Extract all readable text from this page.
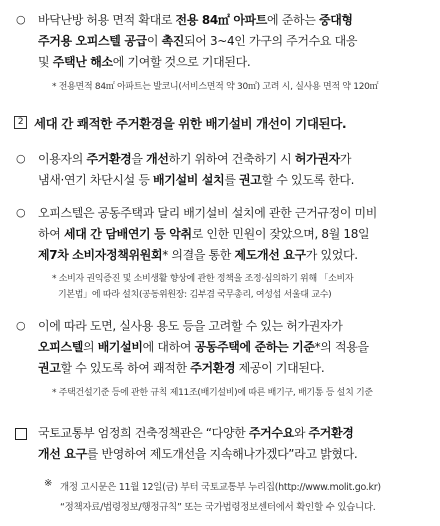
○ 바닥난방 허용 면적 확대로 전용 84㎡ 아파트에 준하는 중대형
주거용 오피스텔 공급이 촉진되어 3~4인 가구의 주거수요 대응
및 주택난 해소에 기여할 것으로 기대된다.
* 전용면적 84㎡ 아파트는 발코니(서비스면적 약 30㎡) 고려 시, 실사용 면적 약 120㎡
2 세대 간 쾌적한 주거환경을 위한 배기설비 개선이 기대된다.
○ 이용자의 주거환경을 개선하기 위하여 건축하기 시 허가권자가
냄새·연기 차단시설 등 배기설비 설치를 권고할 수 있도록 한다.
○ 오피스텔은 공동주택과 달리 배기설비 설치에 관한 근거규정이 미비
하여 세대 간 담배연기 등 악취로 인한 민원이 잦았으며, 8월 18일
제7차 소비자정책위원회* 의결을 통한 제도개선 요구가 있었다.
* 소비자 권익증진 및 소비생활 향상에 관한 정책을 조정·심의하기 위해 「소비자
기본법」에 따라 설치(공동위원장: 김부겸 국무총리, 여성섭 서울대 교수)
○ 이에 따라 도면, 실사용 용도 등을 고려할 수 있는 허가권자가
오피스텔의 배기설비에 대하여 공동주택에 준하는 기준*의 적용을
권고할 수 있도록 하여 쾌적한 주거환경 제공이 기대된다.
* 주택건설기준 등에 관한 규칙 제11조(배기설비)에 따른 배기구, 배기통 등 설치 기준
국토교통부 엄정희 건축정책관은 “다양한 주거수요와 주거환경
개선 요구를 반영하여 제도개선을 지속해나가겠다”라고 밝혔다.
※ 개정 고시문은 11월 12일(금) 부터 국토교통부 누리집(http://www.molit.go.kr)
“정책자료/법령정보/행정규칙” 또는 국가법령정보센터에서 확인할 수 있습니다.
